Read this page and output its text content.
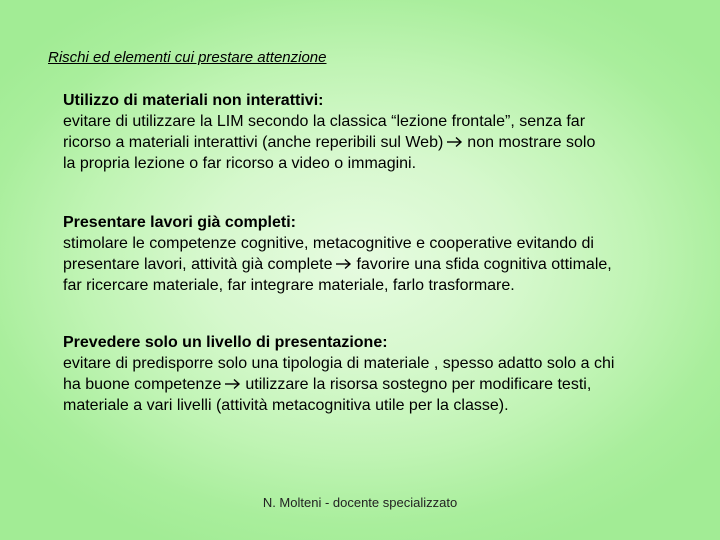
Rischi ed elementi cui prestare attenzione
Utilizzo di materiali non interattivi:
evitare di utilizzare la LIM secondo la classica “lezione frontale”, senza far
ricorso a materiali interattivi (anche reperibili sul Web) non mostrare solo
la propria lezione o far ricorso a video o immagini.
Presentare lavori già completi:
stimolare le competenze cognitive, metacognitive e cooperative evitando di
presentare lavori, attività già complete favorire una sfida cognitiva ottimale,
far ricercare materiale, far integrare materiale, farlo trasformare.
Prevedere solo un livello di presentazione:
evitare di predisporre solo una tipologia di materiale , spesso adatto solo a chi
ha buone competenze utilizzare la risorsa sostegno per modificare testi,
materiale a vari livelli (attività metacognitiva utile per la classe).
N. Molteni - docente specializzato
